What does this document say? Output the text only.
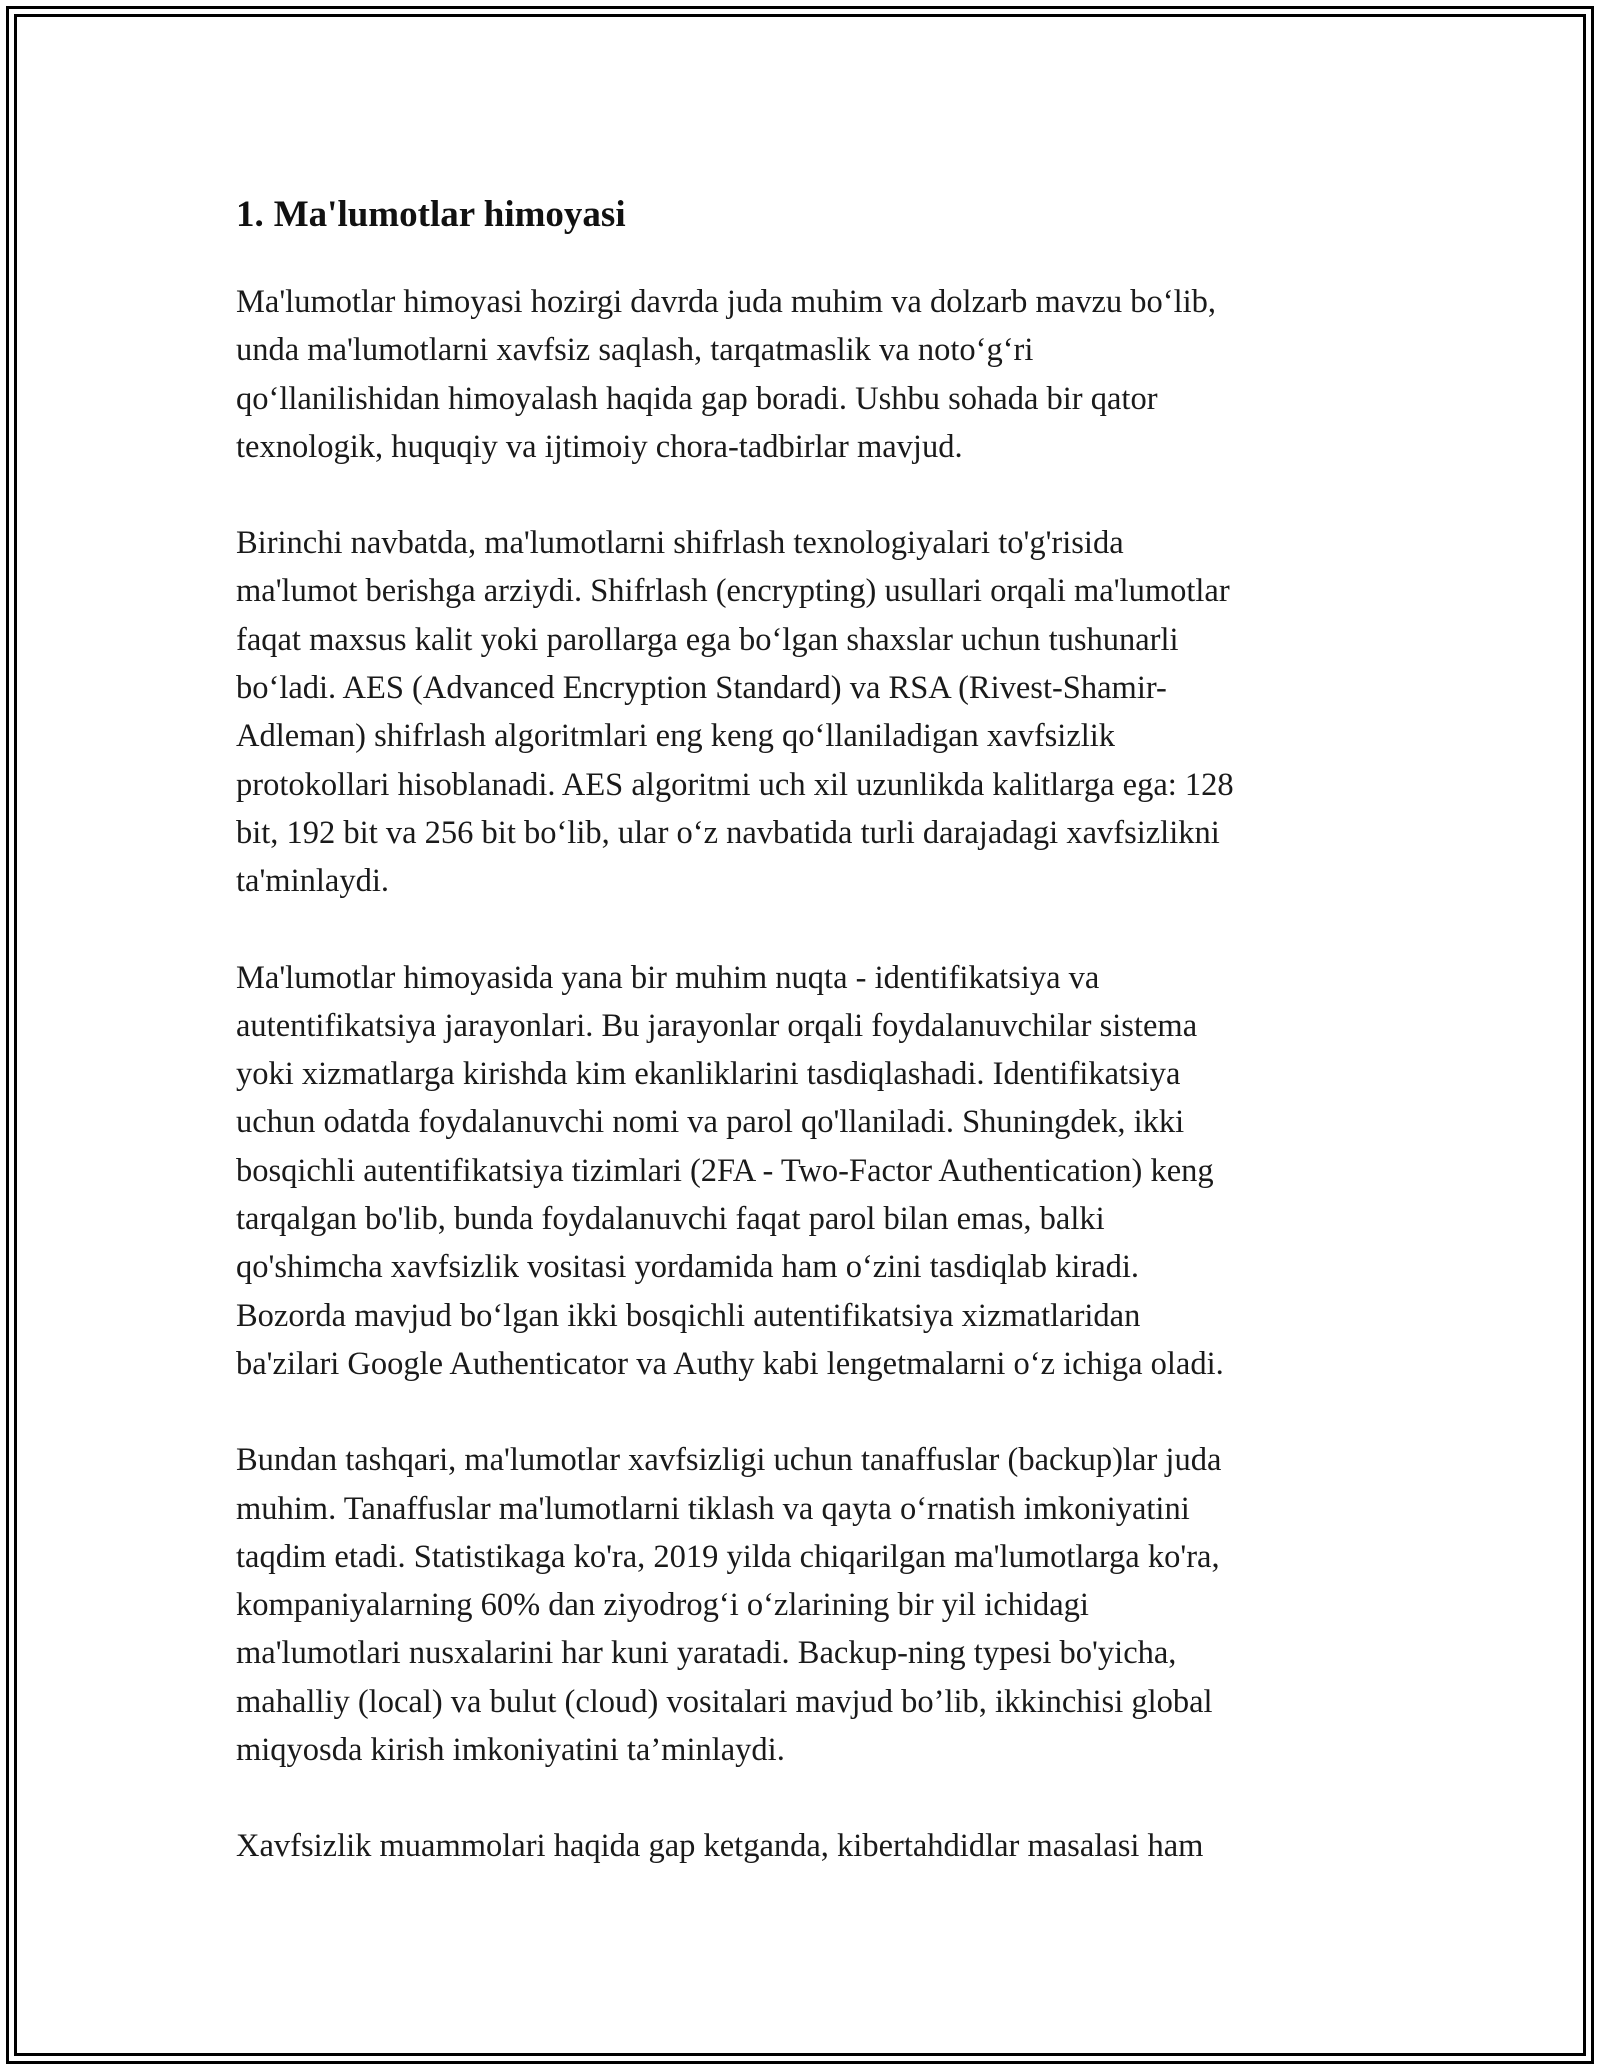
1. Ma'lumotlar himoyasi

Ma'lumotlar himoyasi hozirgi davrda juda muhim va dolzarb mavzu bo‘lib,
unda ma'lumotlarni xavfsiz saqlash, tarqatmaslik va noto‘g‘ri
qo‘llanilishidan himoyalash haqida gap boradi. Ushbu sohada bir qator
texnologik, huquqiy va ijtimoiy chora-tadbirlar mavjud.

Birinchi navbatda, ma'lumotlarni shifrlash texnologiyalari to'g'risida
ma'lumot berishga arziydi. Shifrlash (encrypting) usullari orqali ma'lumotlar
faqat maxsus kalit yoki parollarga ega bo‘lgan shaxslar uchun tushunarli
bo‘ladi. AES (Advanced Encryption Standard) va RSA (Rivest-Shamir-
Adleman) shifrlash algoritmlari eng keng qo‘llaniladigan xavfsizlik
protokollari hisoblanadi. AES algoritmi uch xil uzunlikda kalitlarga ega: 128
bit, 192 bit va 256 bit bo‘lib, ular o‘z navbatida turli darajadagi xavfsizlikni
ta'minlaydi.

Ma'lumotlar himoyasida yana bir muhim nuqta - identifikatsiya va
autentifikatsiya jarayonlari. Bu jarayonlar orqali foydalanuvchilar sistema
yoki xizmatlarga kirishda kim ekanliklarini tasdiqlashadi. Identifikatsiya
uchun odatda foydalanuvchi nomi va parol qo'llaniladi. Shuningdek, ikki
bosqichli autentifikatsiya tizimlari (2FA - Two-Factor Authentication) keng
tarqalgan bo'lib, bunda foydalanuvchi faqat parol bilan emas, balki
qo'shimcha xavfsizlik vositasi yordamida ham o‘zini tasdiqlab kiradi.
Bozorda mavjud bo‘lgan ikki bosqichli autentifikatsiya xizmatlaridan
ba'zilari Google Authenticator va Authy kabi lengetmalarni o‘z ichiga oladi.

Bundan tashqari, ma'lumotlar xavfsizligi uchun tanaffuslar (backup)lar juda
muhim. Tanaffuslar ma'lumotlarni tiklash va qayta o‘rnatish imkoniyatini
taqdim etadi. Statistikaga ko'ra, 2019 yilda chiqarilgan ma'lumotlarga ko'ra,
kompaniyalarning 60% dan ziyodrog‘i o‘zlarining bir yil ichidagi
ma'lumotlari nusxalarini har kuni yaratadi. Backup-ning typesi bo'yicha,
mahalliy (local) va bulut (cloud) vositalari mavjud bo’lib, ikkinchisi global
miqyosda kirish imkoniyatini ta’minlaydi.

Xavfsizlik muammolari haqida gap ketganda, kibertahdidlar masalasi ham
